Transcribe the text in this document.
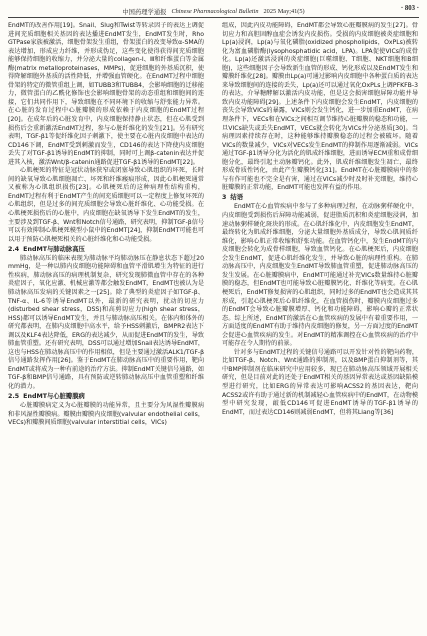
中国药理学通报 Chinese Pharmacological Bulletin 2025 May;41(5)	· 803 ·

EndMT的改善作用[19]。Snail、Slug和Twist等转录因子的表达上调促进间充质细胞相关基因的表达播进EndMT发生，EndMT发生时，Rho GTPase家族被激活，细胞骨架发生重组，骨架蛋白的改变导致α-SMA的表达增加，形成应力纤维，并形成伪足，这些变化使得获得间充质细胞能够保持细胞的收缩力，并分泌大量的collagen-Ⅰ、Ⅲ和纤维蛋白等金属酶(matrix metalloproteinases，MMPs)，促进细胞的外基质沉积，使得降解细胞外基质的活性降低，并增强血管硬化。在EndMT过程中细胞骨架的特定的微管重组上调，如TUBB3和TUBB4，会影响细胞的迁移能力，微管蛋白的乙酰化修饰也会影响细胞骨架的动态重组和细胞间的连接，它们共同作用下，导致细胞在不同环境下的收缩与舒张能力异常。在心脏的发育过程中心脏瓣膜的形成依赖于内皮细胞的EndMT过程[20]。在成年后的心脏发育中，内皮细胞保持静止状态，但在心肌受到损伤后会重新激活EndMT过程，参与心脏纤维化的发生[21]。另有研究表明，TGF-β1等促纤维化因子刺激下，使主要在心脏内皮细胞中表达的CD146下调，EndMT受到刺激而发生，CD146的表达下降使内皮细胞丢失了对TGF-β1诱导的EndMT的抑制，同时可上调β-catenin表达并促进其入核，激活Wnt/β-catenin通路促进TGF-β1诱导的EndMT[22]。

心肌梗死的特征是冠状动脉狭窄或闭塞导致心肌组织的坏死，长时间的缺氧导致心肌细胞凋亡、坏死和纤维瘢痕形成，因此心肌梗死通常又被称为心肌组织损伤[23]。心肌梗死后的这种病理性结构重构，EndMT过程有利于EndMT产生的间充质细胞可以一定程度上修复坏死的心肌组织，但是过多的间充质细胞会导致心脏纤维化、心功能受损。在心肌梗死损伤后的心脏中，内皮细胞在缺氧诱导下发生EndMT的发生，主要涉及到TGF-β、Wnt和Notch信号通路，研究表明，抑制TGF-β信号可以有效抑制心肌梗死模型小鼠中的EndMT[24]，抑制EndMT可能也可以用于预防心肌梗死相关的心脏纤维化和心功能受损。

2.4 EndMT与肺动脉高压

肺动脉高压的临床表现为肺动脉平均肺动脉压在静息状态下超过20 mmHg，是一种以肺内皮细胞功能障碍和血管平滑肌增生为特征的进行性疾病，肺动脉高压的病理机制复杂，研究发现肺微血管中存在的各种炎症因子，氧化应激、机械应激等都会触发EndMT，EndMT也被认为是肺动脉高压发病的关键因素之一[25]。除了典型的炎症因子如TGF-β、TNF-α、IL-6等诱导EndMT以外，最新的研究表明，扰动的切应力(disturbed shear stress，DSS)和高剪切应力(high shear stress，HSS)都可以诱导EndMT发生，并且与肺动脉高压相关。在体内和体外的研究都表明，在肺内皮细胞中高水平，给予HSS刺激后，BMPR2表达下调以及KLF4表达降低，ERG的表达减少，从而促进EndMT的发生，导致肺血管重塑。还有研究表明，DSS可以通过增加Snail表达诱导EndMT，这也与HSS在肺动脉高压中的作用相似，但是主要通过激活ALK1/TGF-β信号通路发挥作用[26]。鉴于EndMT在肺动脉高压中的重要作用，靶向EndMT或将成为一种有前途的治疗方法。抑制EndMT关键信号通路，如TGF-β和BMP信号通路，具有预防或逆转肺动脉高压中血管重塑和纤维化的潜力。

2.5 EndMT与心脏瓣膜病

心脏瓣膜病定义为心脏瓣膜的功能异常，且主要分为风湿性瓣膜病和非风湿性瓣膜病。瓣膜由瓣膜内皮细胞(valvular endothelial cells，VECs)和瓣膜间质细胞(valvular interstitial cells，VICs)

组成，因此内皮功能障碍，EndMT都会导致心脏瓣膜病的发生[27]。骨切应力和高胆固醇血症会诱发内皮损伤。受损的内皮细胞被炎症细胞和Lp(a)浸润，Lp(a)与氧化磷脂(oxidized phospholipids，OxPLs)被转化为富血磷脂酶(lysophosphatidic acid，LPA)。LPA促使VICs的成骨化。Lp(a)还激活浸润的炎症细胞(巨噬细胞、T细胞、NKT细胞和B细胞)，这些细胞因子会导致新生血管的形成、钙化形成以及EndMT发生和瓣膜纤维化[28]。瓣膜由Lp(a)可通过影响内皮细胞中各种蛋白质的表达来导致细胞间的连接的丢失，Lp(a)还可以通过氧化OxPLs上调PFKFB-3的表达，介导糖酵解以激活内皮功能，但是这会损害细胞屏障功能并导致内皮功能障碍[29]。上述条件下内皮细胞会发生EndMT，内皮细胞的丧失会导致VICs的暴露，VICs则会发生钙化，进一步加重EndMT，在病理条件下，VECs和在VICs之间相互调节维持心脏瓣膜的稳态和功能，一旦VICs缺失或丢失EndMT，VECs就会转化为VICs并分泌基质[30]。当病理因素持续存在时，这种能够维持瓣膜稳态的过程会被破坏。随着VICs的数量减少，VICs对VECs发生EndMT的抑制作用逐渐减弱。VICs通过TGF-β1诱导分化为活化的肌成纤维细胞，进而诱导ECM重和成骨细胞分化，最终引起主动脉瓣钙化。此外，肌成纤维细胞发生凋亡，最终形成骨质性钙化，由此产生瓣膜钙化[31]。EndMT在心脏瓣膜病中的参与有作可能也不完全是有害，通过在VICs减少时及时补充细胞，维持心脏瓣膜的正常功能，EndMT可能也发挥有益的作用。

3 结语

EndMT在心血管疾病中参与了多种病理过程，在动脉粥样硬化中，内皮细胞受到损伤后屏障功能减弱，促进脂质沉积和炎症细胞浸润，加速动脉粥样硬化斑块的形成。在心肌纤维化中，内皮细胞发生EndMT，最终转化为肌成纤维细胞，分泌大量细胞外基质成分，导致心肌间质纤维化，影响心肌正常收缩和舒张功能。在血管钙化中，发生EndMT的内皮细胞会转化为成骨样细胞，导致血管钙化。在心肌梗死后，内皮细胞会发生EndMT，促进心肌纤维化发生，并导致心脏的病理性重构。在肺动脉高压中，内皮细胞发生EndMT导致肺血管重塑，促进肺动脉高压的发生发展。在心脏瓣膜病中，EndMT可能通过补充VICs数量维持心脏瓣膜的稳态，但EndMT也可能导致心脏瓣膜钙化、纤维化等病变。在心肌梗死后，EndMT修复损害的心肌组织，同时过多的EndMT也会造成其其形成，引起心肌梗死后心肌纤维化，在血管损伤时，瓣膜内皮细胞过多的EndMT会导致心脏瓣膜增厚、钙化和功能障碍，影响心瓣的正常状态。综上所述，EndMT的激活在心血管疾病的发展中有着重要作用，一方面适度的EndMT有助于维持内皮细胞的修复，另一方面过度的EndMT会促进心血管疾病的发生。对EndMT的精准调控在心血管疾病的治疗中可能存在令人期待的前景。

针对多与EndMT过程的关键信号通路可以开发针对性的靶向药物，比如TGF-β、Notch、Wnt通路的抑制剂，以及BMP蛋白抑制剂等，其中BMP抑制剂在临床研究中应用较多，现已在肺动脉高压领域开展相关研究，但是目前对此的还处于EndMT相关的基因异常表达或基因缺陷模型进行研究，比如ERG的异常表达可影响ACSS2的基因表达，靶向ACSS2或许有助于通过新的机制减轻心血管疾病中的EndMT，在动物模型中研究发现，敲低CD146可促进EndMT诱导的TGF-β1诱导的EndMT，而过表达CD146则减弱EndMT，但将其Liang等[36]
